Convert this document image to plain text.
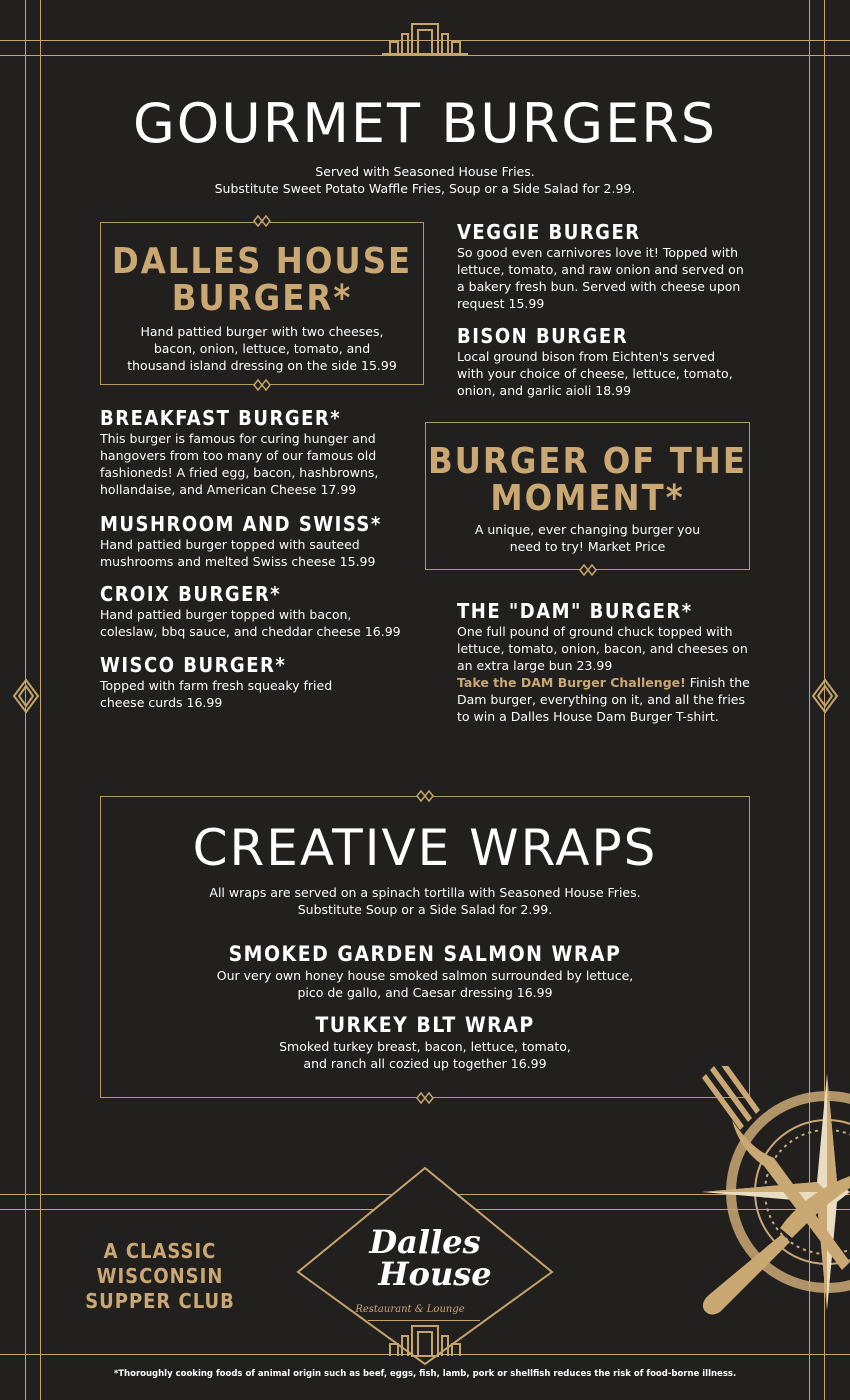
GOURMET BURGERS
Served with Seasoned House Fries.
Substitute Sweet Potato Waffle Fries, Soup or a Side Salad for 2.99.
DALLES HOUSE
BURGER*
Hand pattied burger with two cheeses,
bacon, onion, lettuce, tomato, and
thousand island dressing on the side 15.99
VEGGIE BURGER
So good even carnivores love it! Topped with
lettuce, tomato, and raw onion and served on
a bakery fresh bun. Served with cheese upon
request 15.99
BISON BURGER
Local ground bison from Eichten's served
with your choice of cheese, lettuce, tomato,
onion, and garlic aioli 18.99
BREAKFAST BURGER*
This burger is famous for curing hunger and
hangovers from too many of our famous old
fashioneds! A fried egg, bacon, hashbrowns,
hollandaise, and American Cheese 17.99
BURGER OF THE
MOMENT*
A unique, ever changing burger you
need to try! Market Price
MUSHROOM AND SWISS*
Hand pattied burger topped with sauteed
mushrooms and melted Swiss cheese 15.99
CROIX BURGER*
Hand pattied burger topped with bacon,
coleslaw, bbq sauce, and cheddar cheese 16.99
THE "DAM" BURGER*
One full pound of ground chuck topped with
lettuce, tomato, onion, bacon, and cheeses on
an extra large bun 23.99
Take the DAM Burger Challenge! Finish the
Dam burger, everything on it, and all the fries
to win a Dalles House Dam Burger T-shirt.
WISCO BURGER*
Topped with farm fresh squeaky fried
cheese curds 16.99
CREATIVE WRAPS
All wraps are served on a spinach tortilla with Seasoned House Fries.
Substitute Soup or a Side Salad for 2.99.
SMOKED GARDEN SALMON WRAP
Our very own honey house smoked salmon surrounded by lettuce,
pico de gallo, and Caesar dressing 16.99
TURKEY BLT WRAP
Smoked turkey breast, bacon, lettuce, tomato,
and ranch all cozied up together 16.99
A CLASSIC WISCONSIN
SUPPER CLUB
Dalles
House
Restaurant & Lounge
*Thoroughly cooking foods of animal origin such as beef, eggs, fish, lamb, pork or shellfish reduces the risk of food-borne illness.
